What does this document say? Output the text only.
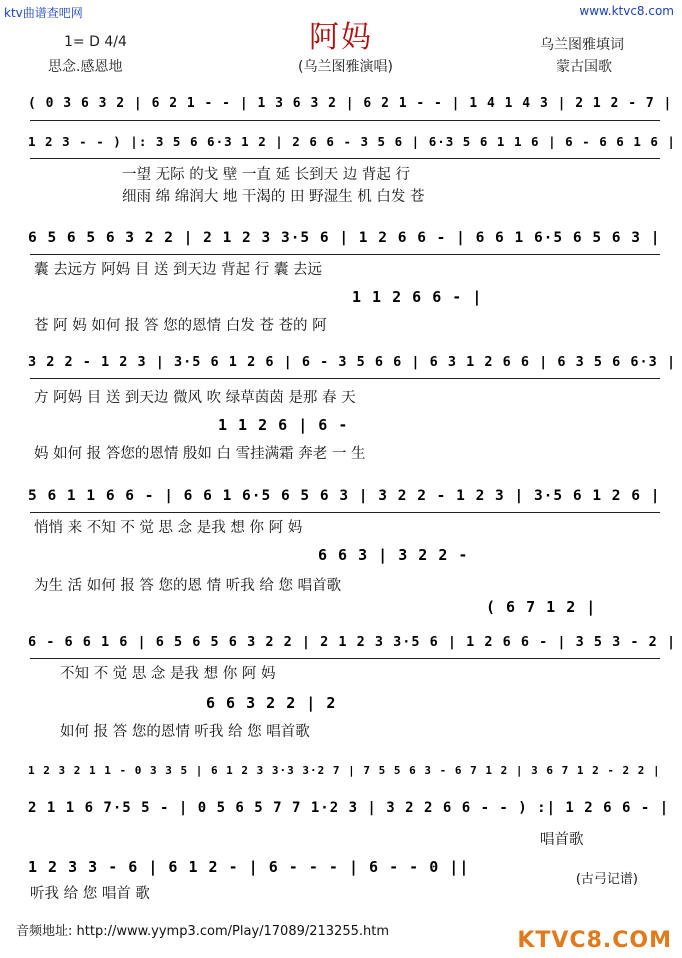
ktv曲谱查吧网	www.ktvc8.com
阿妈
1= D 4/4	乌兰图雅填词
思念.感恩地	(乌兰图雅演唱)	蒙古国歌
( 0 3 6 3 2 | 6 2 1 - - | 1 3 6 3 2 | 6 2 1 - - | 1 4 1 4 3 | 2 1 2 - 7 |
1 2 3 - - ) |: 3 5 6 6·3 1 2 | 2 6 6 - 3 5 6 | 6·3 5 6 1 1 6 | 6 - 6 6 1 6 |
一望 无际 的戈 壁 一直 延 长到天 边 背起 行
细雨 绵 绵润大 地 干渴的 田 野湿生 机 白发 苍
6 5 6 5 6 3 2 2 | 2 1 2 3 3·5 6 | 1 2 6 6 - | 6 6 1 6·5 6 5 6 3 |
囊 去远方 阿妈 目 送 到天边 背起 行 囊 去远
1 1 2 6 6 - |
苍 阿 妈 如何 报 答 您的恩情 白发 苍 苍的 阿
3 2 2 - 1 2 3 | 3·5 6 1 2 6 | 6 - 3 5 6 6 | 6 3 1 2 6 6 | 6 3 5 6 6·3 |
方 阿妈 目 送 到天边 微风 吹 绿草茵茵 是那 春 天
1 1 2 6 | 6 -
妈 如何 报 答您的恩情 殷如 白 雪挂满霜 奔老 一 生
5 6 1 1 6 6 - | 6 6 1 6·5 6 5 6 3 | 3 2 2 - 1 2 3 | 3·5 6 1 2 6 |
悄悄 来 不知 不 觉 思 念 是我 想 你 阿 妈
6 6 3 | 3 2 2 -
为生 活 如何 报 答 您的恩 情 听我 给 您 唱首歌
( 6 7 1 2 |
6 - 6 6 1 6 | 6 5 6 5 6 3 2 2 | 2 1 2 3 3·5 6 | 1 2 6 6 - | 3 5 3 - 2 |
不知 不 觉 思 念 是我 想 你 阿 妈
6 6 3 2 2 | 2
如何 报 答 您的恩情 听我 给 您 唱首歌
1 2 3 2 1 1 - 0 3 3 5 | 6 1 2 3 3·3 3·2 7 | 7 5 5 6 3 - 6 7 1 2 | 3 6 7 1 2 - 2 2 |
2 1 1 6 7·5 5 - | 0 5 6 5 7 7 1·2 3 | 3 2 2 6 6 - - ) :| 1 2 6 6 - |
唱首歌
1 2 3 3 - 6 | 6 1 2 - | 6 - - - | 6 - - 0 ||
听我 给 您 唱首 歌
(古弓记谱)
音频地址: http://www.yymp3.com/Play/17089/213255.htm	KTVC8.COM
